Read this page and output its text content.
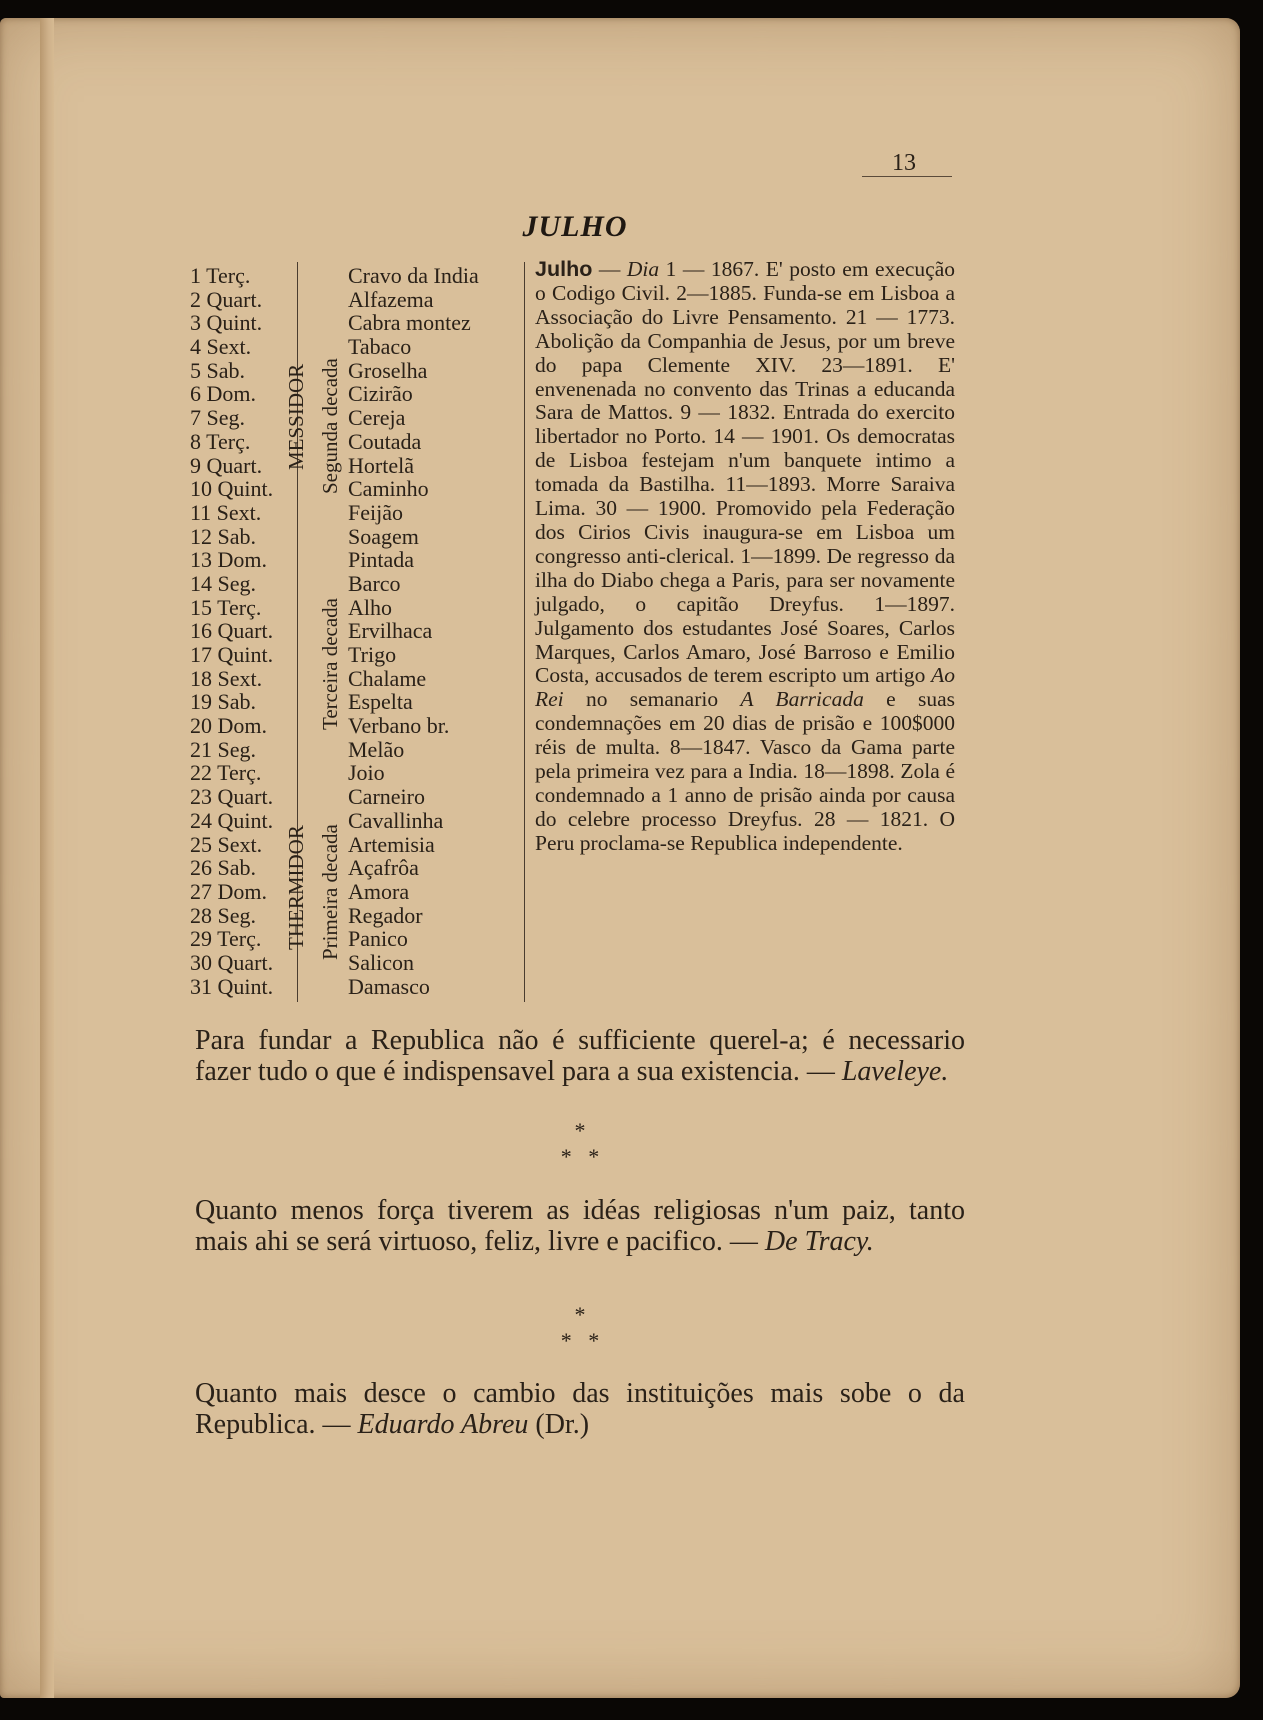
13
JULHO
1 Terç.
2 Quart.
3 Quint.
4 Sext.
5 Sab.
6 Dom.
7 Seg.
8 Terç.
9 Quart.
10 Quint.
11 Sext.
12 Sab.
13 Dom.
14 Seg.
15 Terç.
16 Quart.
17 Quint.
18 Sext.
19 Sab.
20 Dom.
21 Seg.
22 Terç.
23 Quart.
24 Quint.
25 Sext.
26 Sab.
27 Dom.
28 Seg.
29 Terç.
30 Quart.
31 Quint.
MESSIDOR Segunda decada
Terceira decada
THERMIDOR Primeira decada
Cravo da India
Alfazema
Cabra montez
Tabaco
Groselha
Cizirão
Cereja
Coutada
Hortelã
Caminho
Feijão
Soagem
Pintada
Barco
Alho
Ervilhaca
Trigo
Chalame
Espelta
Verbano br.
Melão
Joio
Carneiro
Cavallinha
Artemisia
Açafrôa
Amora
Regador
Panico
Salicon
Damasco
Julho — Dia 1 — 1867. E' posto em execução o Codigo Civil. 2—1885. Funda-se em Lisboa a Associação do Livre Pensamento. 21 — 1773. Abolição da Companhia de Jesus, por um breve do papa Clemente XIV. 23—1891. E' envenenada no convento das Trinas a educanda Sara de Mattos. 9 — 1832. Entrada do exercito libertador no Porto. 14 — 1901. Os democratas de Lisboa festejam n'um banquete intimo a tomada da Bastilha. 11—1893. Morre Saraiva Lima. 30 — 1900. Promovido pela Federação dos Cirios Civis inaugura-se em Lisboa um congresso anti-clerical. 1—1899. De regresso da ilha do Diabo chega a Paris, para ser novamente julgado, o capitão Dreyfus. 1—1897. Julgamento dos estudantes José Soares, Carlos Marques, Carlos Amaro, José Barroso e Emilio Costa, accusados de terem escripto um artigo Ao Rei no semanario A Barricada e suas condemnações em 20 dias de prisão e 100$000 réis de multa. 8—1847. Vasco da Gama parte pela primeira vez para a India. 18—1898. Zola é condemnado a 1 anno de prisão ainda por causa do celebre processo Dreyfus. 28 — 1821. O Peru proclama-se Republica independente.
Para fundar a Republica não é sufficiente querel-a; é necessario fazer tudo o que é indispensavel para a sua existencia. — Laveleye.
*
*   *
Quanto menos força tiverem as idéas religiosas n'um paiz, tanto mais ahi se será virtuoso, feliz, livre e pacifico. — De Tracy.
*
*   *
Quanto mais desce o cambio das instituições mais sobe o da Republica. — Eduardo Abreu (Dr.)
